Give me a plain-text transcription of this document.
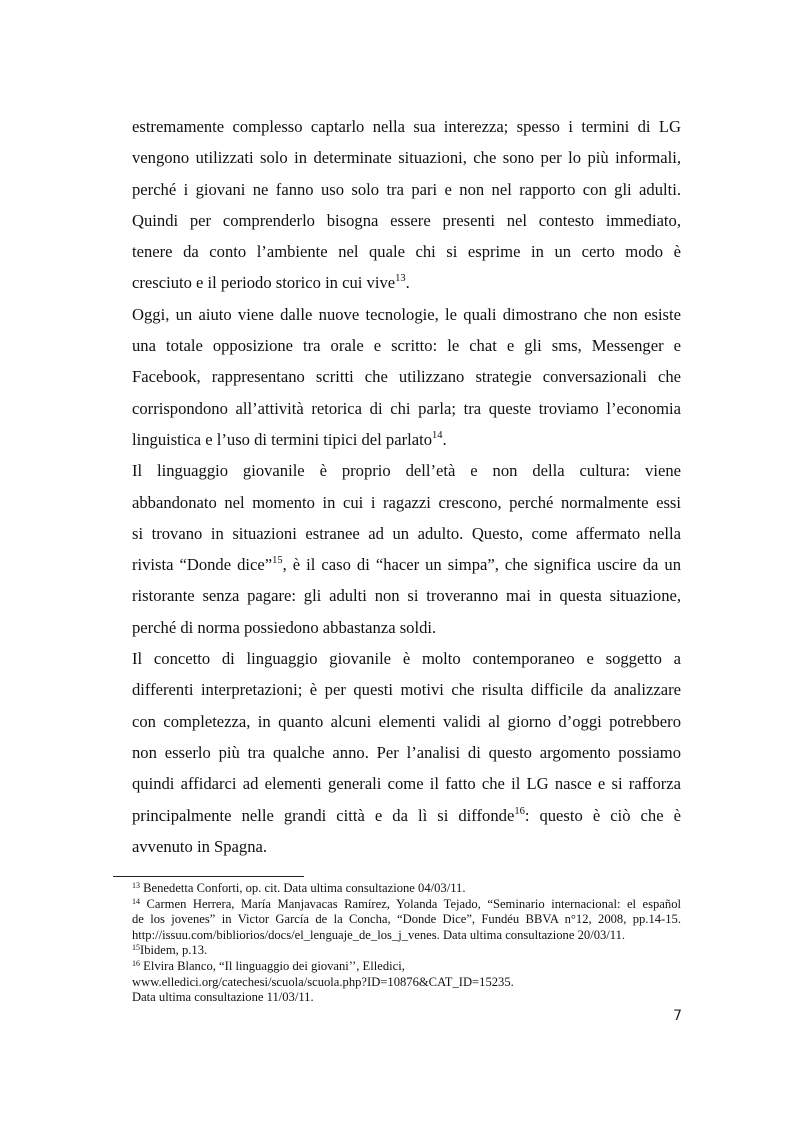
estremamente complesso captarlo nella sua interezza; spesso i termini di LG
vengono utilizzati solo in determinate situazioni, che sono per lo più informali,
perché i giovani ne fanno uso solo tra pari e non nel rapporto con gli adulti.
Quindi per comprenderlo bisogna essere presenti nel contesto immediato,
tenere da conto l’ambiente nel quale chi si esprime in un certo modo è
cresciuto e il periodo storico in cui vive$^{13}$.

Oggi, un aiuto viene dalle nuove tecnologie, le quali dimostrano che non esiste
una totale opposizione tra orale e scritto: le chat e gli sms, Messenger e
Facebook, rappresentano scritti che utilizzano strategie conversazionali che
corrispondono all’attività retorica di chi parla; tra queste troviamo l’economia
linguistica e l’uso di termini tipici del parlato$^{14}$.

Il linguaggio giovanile è proprio dell’età e non della cultura: viene
abbandonato nel momento in cui i ragazzi crescono, perché normalmente essi
si trovano in situazioni estranee ad un adulto. Questo, come affermato nella
rivista “Donde dice”$^{15}$, è il caso di “hacer un simpa”, che significa uscire da un
ristorante senza pagare: gli adulti non si troveranno mai in questa situazione,
perché di norma possiedono abbastanza soldi.

Il concetto di linguaggio giovanile è molto contemporaneo e soggetto a
differenti interpretazioni; è per questi motivi che risulta difficile da analizzare
con completezza, in quanto alcuni elementi validi al giorno d’oggi potrebbero
non esserlo più tra qualche anno. Per l’analisi di questo argomento possiamo
quindi affidarci ad elementi generali come il fatto che il LG nasce e si rafforza
principalmente nelle grandi città e da lì si diffonde$^{16}$: questo è ciò che è
avvenuto in Spagna.

$^{13}$ Benedetta Conforti, op. cit. Data ultima consultazione 04/03/11.

$^{14}$ Carmen Herrera, María Manjavacas Ramírez, Yolanda Tejado, “Seminario internacional: el español
de los jovenes” in Victor García de la Concha, “Donde Dice”, Fundéu BBVA n°12, 2008, pp.14-15.
http://issuu.com/bibliorios/docs/el_lenguaje_de_los_j_venes. Data ultima consultazione 20/03/11.

$^{15}$Ibidem, p.13.

$^{16}$ Elvira Blanco, “Il linguaggio dei giovani’’, Elledici,
www.elledici.org/catechesi/scuola/scuola.php?ID=10876&CAT_ID=15235.
Data ultima consultazione 11/03/11.

7
